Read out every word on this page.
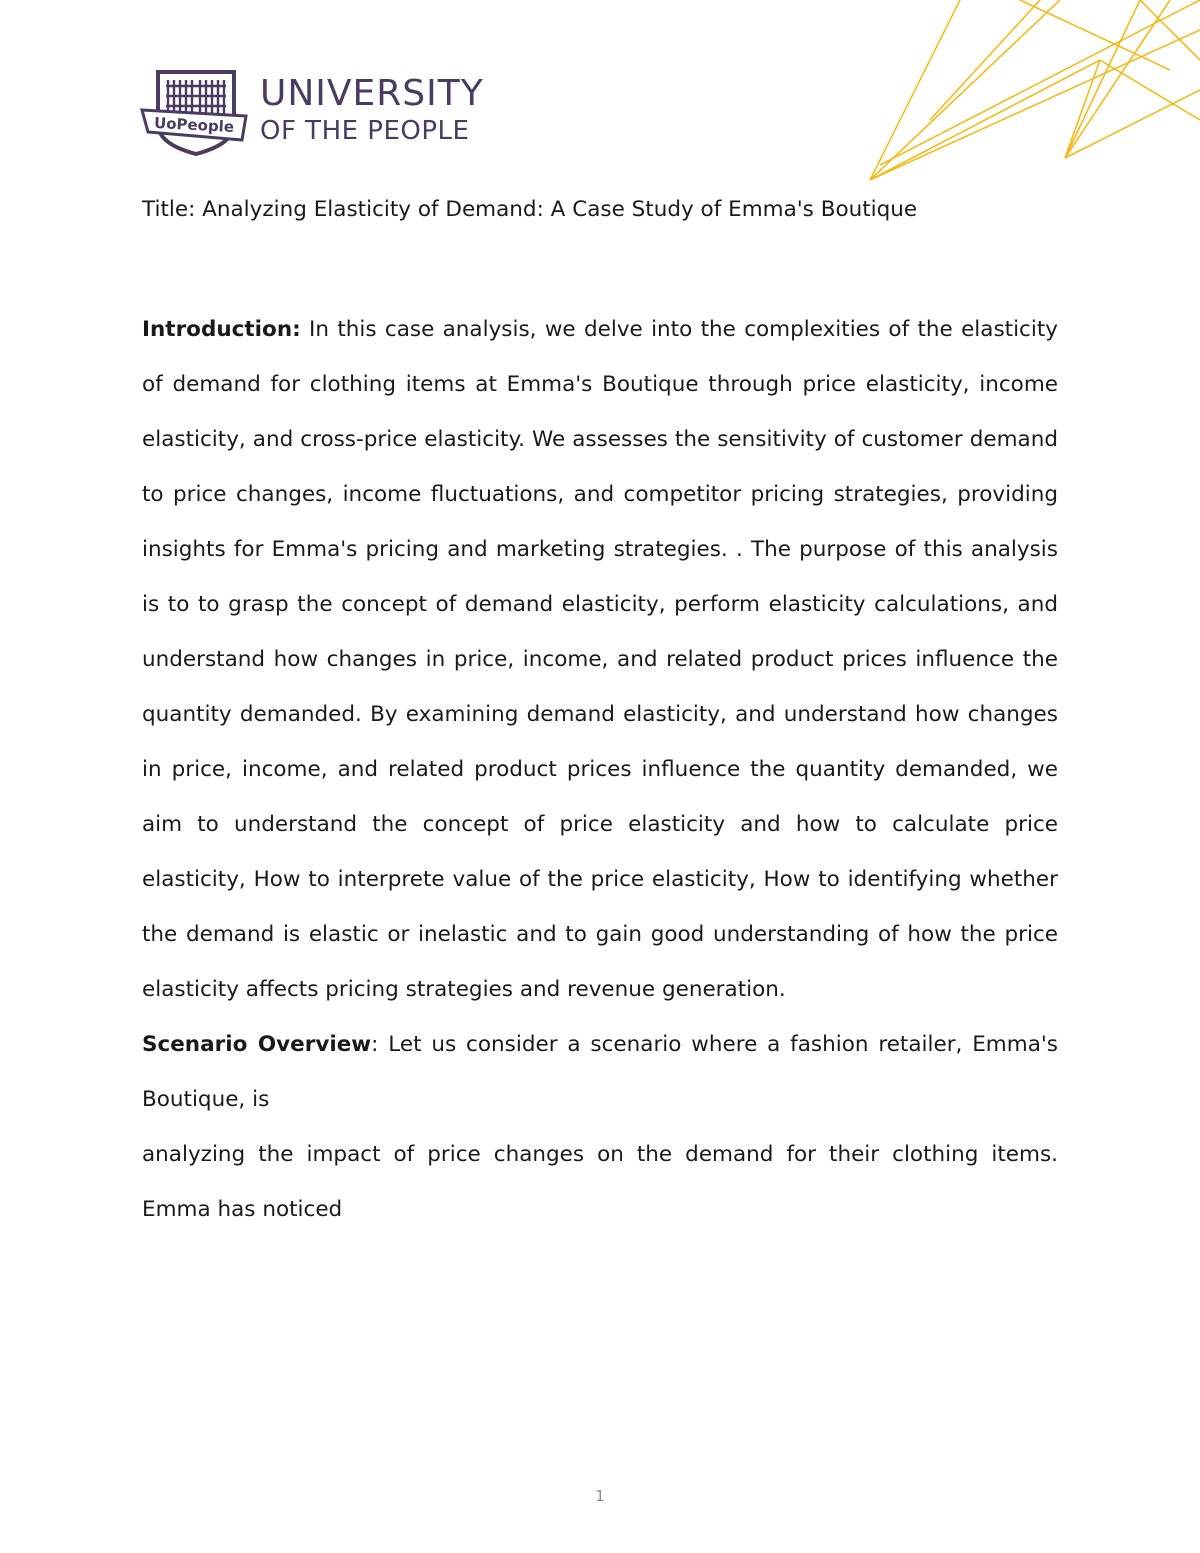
UoPeople
UNIVERSITY
OF THE PEOPLE
Title: Analyzing Elasticity of Demand: A Case Study of Emma's Boutique

Introduction: In this case analysis, we delve into the complexities of the elasticity of demand for clothing items at Emma's Boutique through price elasticity, income elasticity, and cross-price elasticity. We assesses the sensitivity of customer demand to price changes, income fluctuations, and competitor pricing strategies, providing insights for Emma's pricing and marketing strategies. . The purpose of this analysis is to to grasp the concept of demand elasticity, perform elasticity calculations, and understand how changes in price, income, and related product prices influence the quantity demanded. By examining demand elasticity, and understand how changes in price, income, and related product prices influence the quantity demanded, we aim to understand the concept of price elasticity and how to calculate price elasticity, How to interprete value of the price elasticity, How to identifying whether the demand is elastic or inelastic and to gain good understanding of how the price elasticity affects pricing strategies and revenue generation.

Scenario Overview: Let us consider a scenario where a fashion retailer, Emma's Boutique, is

analyzing the impact of price changes on the demand for their clothing items. Emma has noticed

1
